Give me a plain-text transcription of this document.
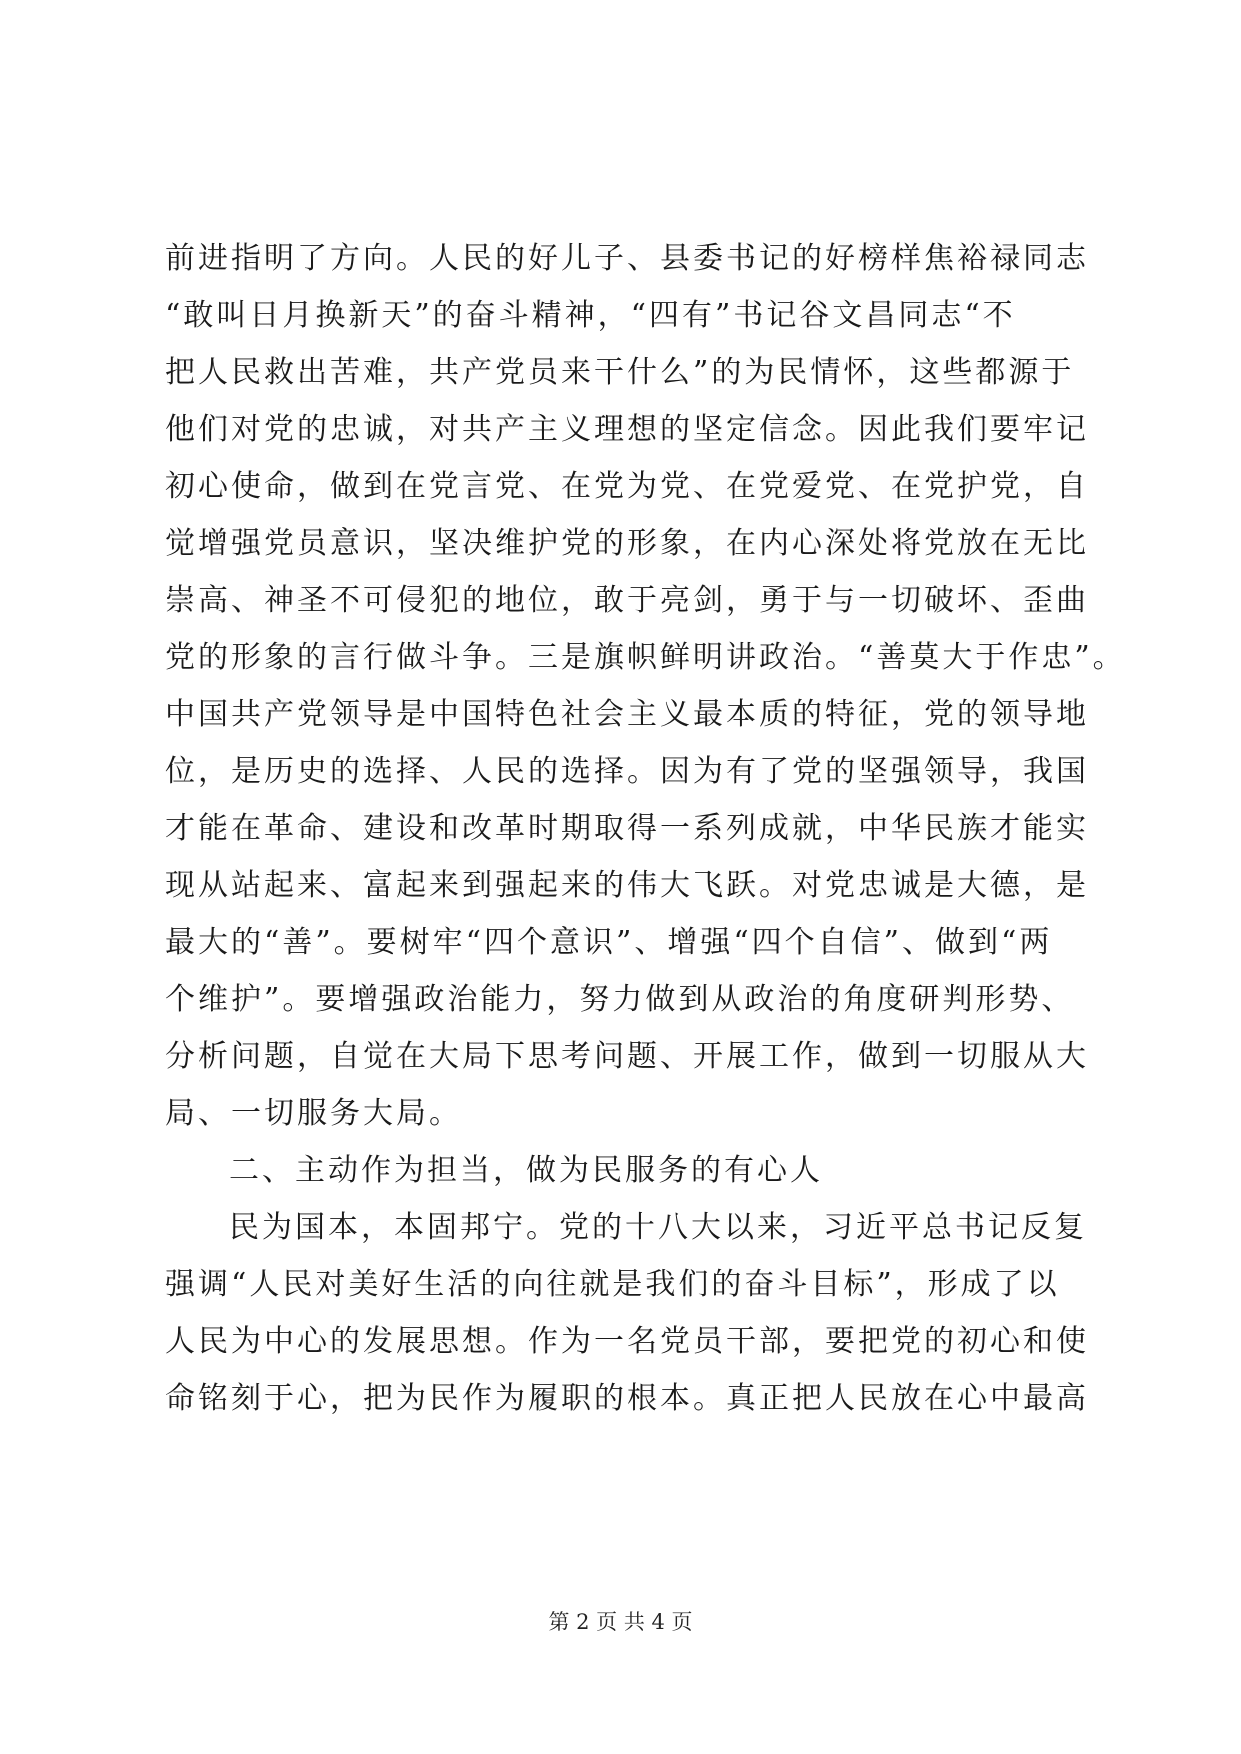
前进指明了方向。人民的好儿子、县委书记的好榜样焦裕禄同志
“敢叫日月换新天”的奋斗精神，“四有”书记谷文昌同志“不
把人民救出苦难，共产党员来干什么”的为民情怀，这些都源于
他们对党的忠诚，对共产主义理想的坚定信念。因此我们要牢记
初心使命，做到在党言党、在党为党、在党爱党、在党护党，自
觉增强党员意识，坚决维护党的形象，在内心深处将党放在无比
崇高、神圣不可侵犯的地位，敢于亮剑，勇于与一切破坏、歪曲
党的形象的言行做斗争。三是旗帜鲜明讲政治。“善莫大于作忠”。
中国共产党领导是中国特色社会主义最本质的特征，党的领导地
位，是历史的选择、人民的选择。因为有了党的坚强领导，我国
才能在革命、建设和改革时期取得一系列成就，中华民族才能实
现从站起来、富起来到强起来的伟大飞跃。对党忠诚是大德，是
最大的“善”。要树牢“四个意识”、增强“四个自信”、做到“两
个维护”。要增强政治能力，努力做到从政治的角度研判形势、
分析问题，自觉在大局下思考问题、开展工作，做到一切服从大
局、一切服务大局。
二、主动作为担当，做为民服务的有心人
民为国本，本固邦宁。党的十八大以来，习近平总书记反复
强调“人民对美好生活的向往就是我们的奋斗目标”，形成了以
人民为中心的发展思想。作为一名党员干部，要把党的初心和使
命铭刻于心，把为民作为履职的根本。真正把人民放在心中最高
第 2 页 共 4 页
